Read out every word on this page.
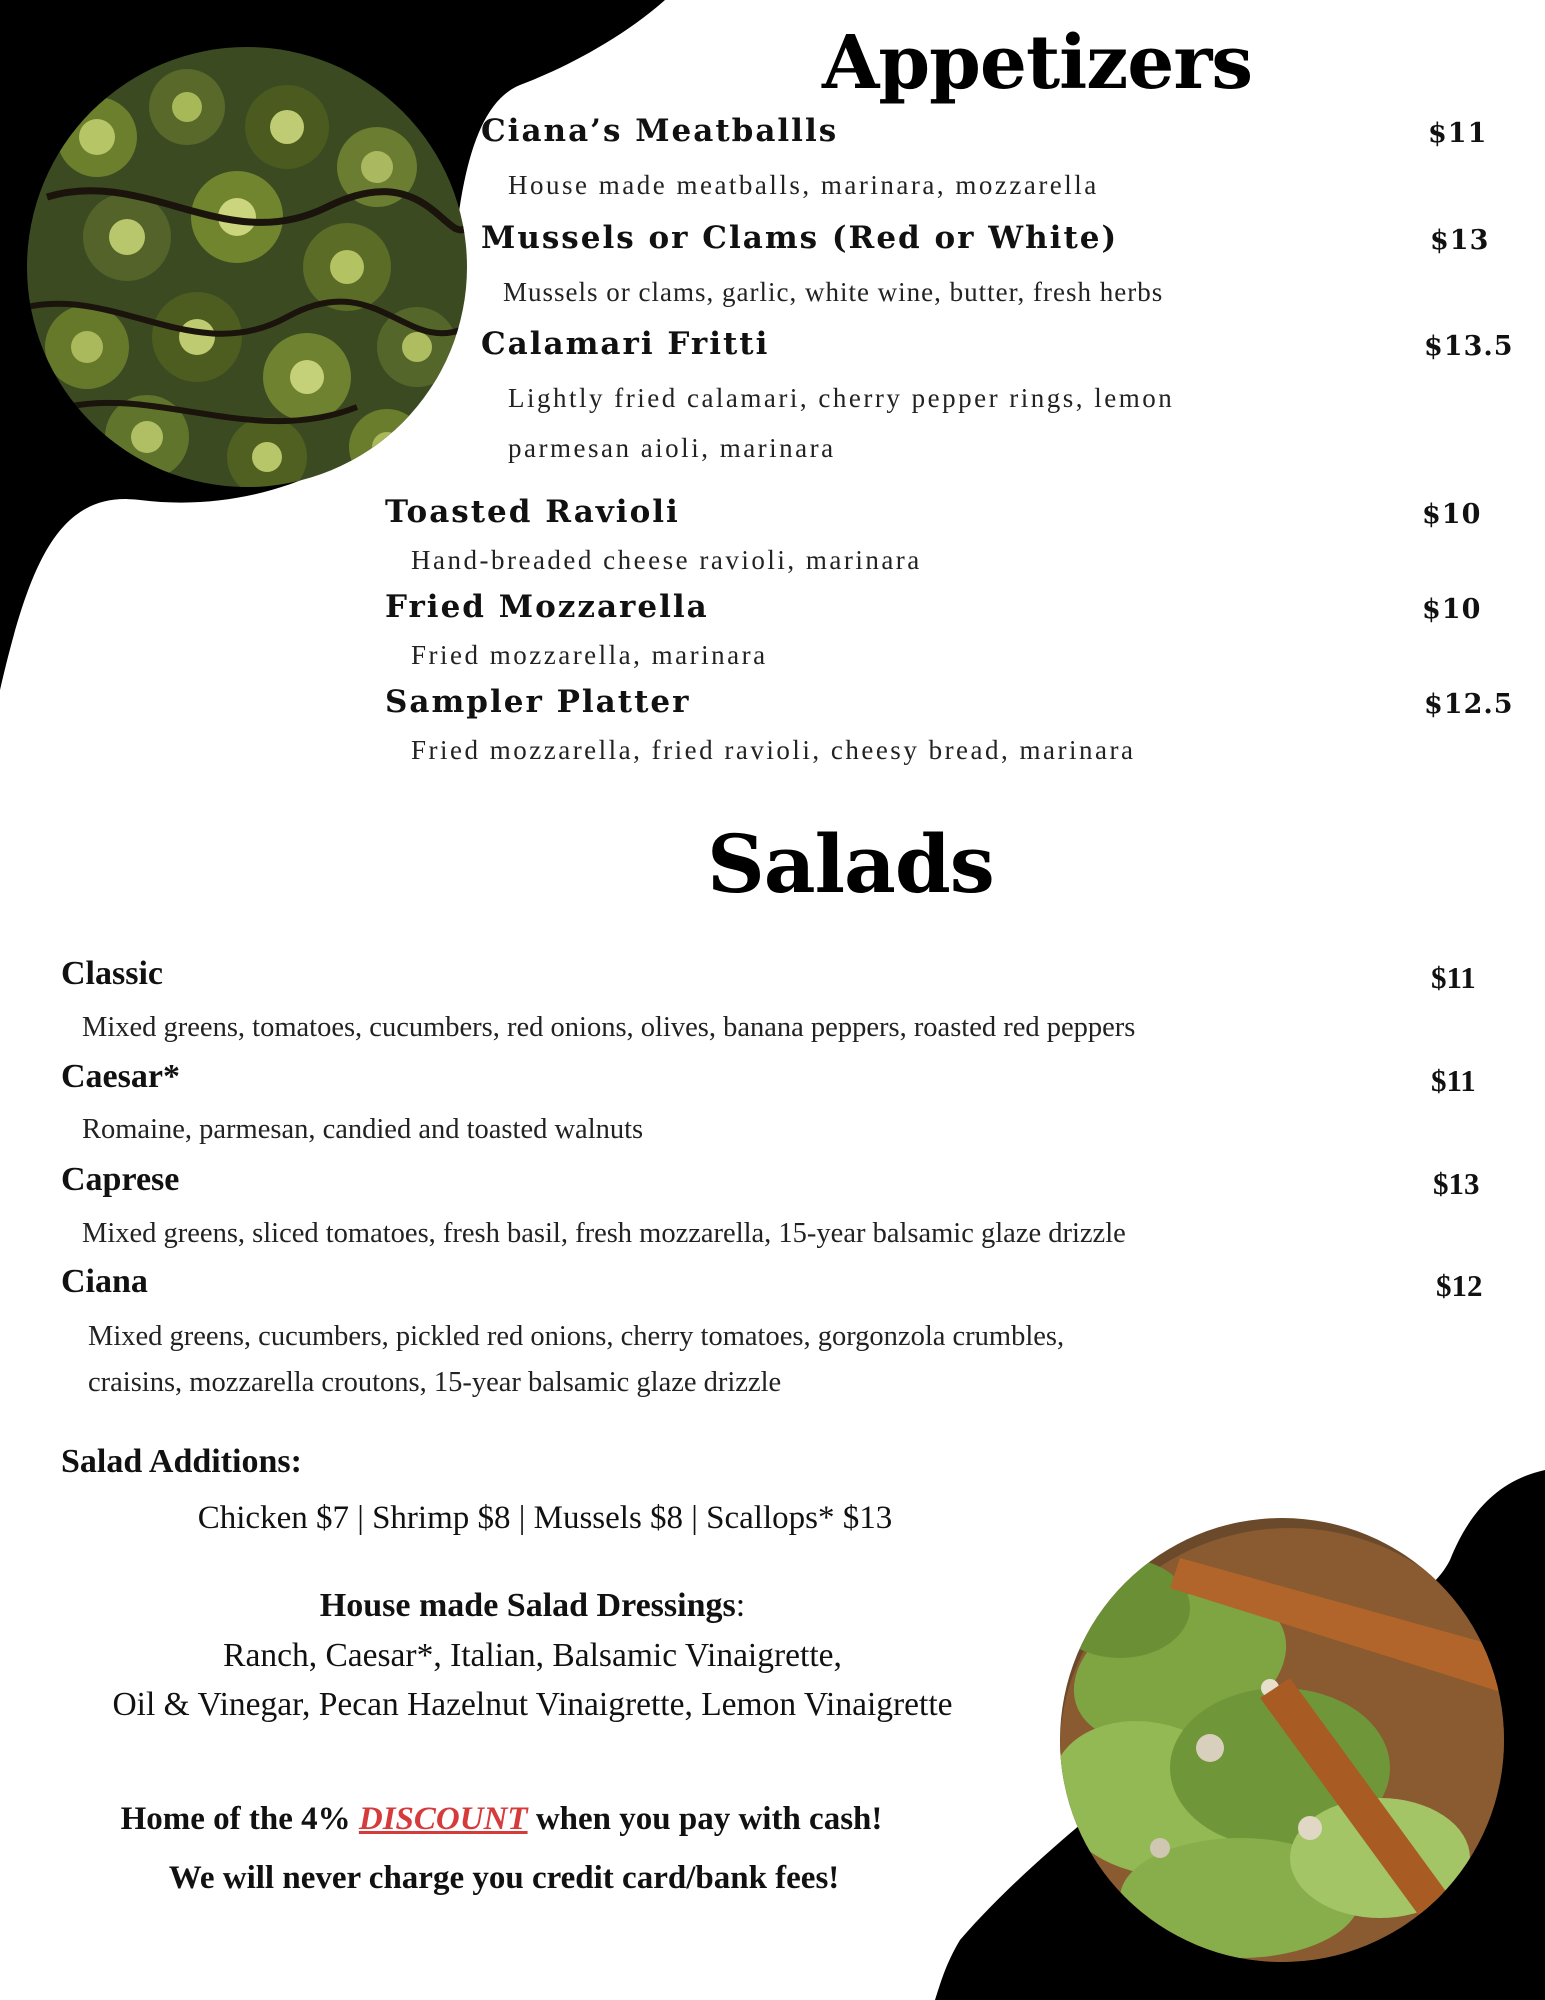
Appetizers
Ciana’s Meatballls	$11
House made meatballs, marinara, mozzarella
Mussels or Clams (Red or White)	$13
Mussels or clams, garlic, white wine, butter, fresh herbs
Calamari Fritti	$13.5
Lightly fried calamari, cherry pepper rings, lemon
parmesan aioli, marinara
Toasted Ravioli	$10
Hand-breaded cheese ravioli, marinara
Fried Mozzarella	$10
Fried mozzarella, marinara
Sampler Platter	$12.5
Fried mozzarella, fried ravioli, cheesy bread, marinara
Salads
Classic	$11
Mixed greens, tomatoes, cucumbers, red onions, olives, banana peppers, roasted red peppers
Caesar*	$11
Romaine, parmesan, candied and toasted walnuts
Caprese	$13
Mixed greens, sliced tomatoes, fresh basil, fresh mozzarella, 15-year balsamic glaze drizzle
Ciana	$12
Mixed greens, cucumbers, pickled red onions, cherry tomatoes, gorgonzola crumbles,
craisins, mozzarella croutons, 15-year balsamic glaze drizzle
Salad Additions:
Chicken $7 | Shrimp $8 | Mussels $8 | Scallops* $13
House made Salad Dressings:
Ranch, Caesar*, Italian, Balsamic Vinaigrette,
Oil & Vinegar, Pecan Hazelnut Vinaigrette, Lemon Vinaigrette
Home of the 4% DISCOUNT when you pay with cash!
We will never charge you credit card/bank fees!
